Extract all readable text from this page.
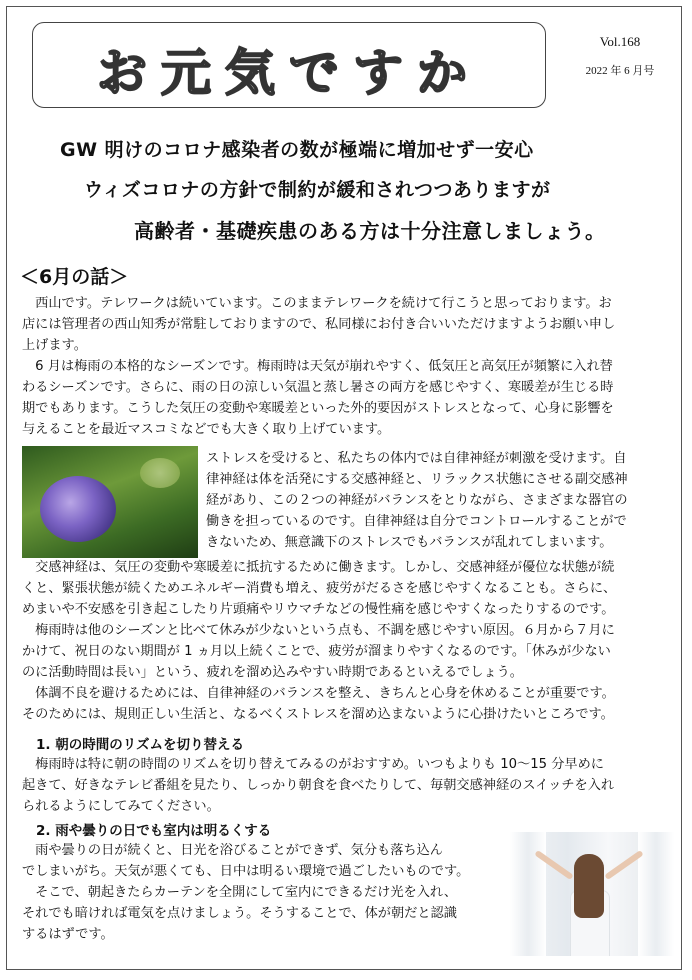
お元気ですか
Vol.168
2022 年 6 月号
GW 明けのコロナ感染者の数が極端に増加せず一安心
ウィズコロナの方針で制約が緩和されつつありますが
高齢者・基礎疾患のある方は十分注意しましょう。
＜6月の話＞
　西山です。テレワークは続いています。このままテレワークを続けて行こうと思っております。お
店には管理者の西山知秀が常駐しておりますので、私同様にお付き合いいただけますようお願い申し
上げます。
　6 月は梅雨の本格的なシーズンです。梅雨時は天気が崩れやすく、低気圧と高気圧が頻繁に入れ替
わるシーズンです。さらに、雨の日の涼しい気温と蒸し暑さの両方を感じやすく、寒暖差が生じる時
期でもあります。こうした気圧の変動や寒暖差といった外的要因がストレスとなって、心身に影響を
与えることを最近マスコミなどでも大きく取り上げています。
ストレスを受けると、私たちの体内では自律神経が刺激を受けます。自
律神経は体を活発にする交感神経と、リラックス状態にさせる副交感神
経があり、この２つの神経がバランスをとりながら、さまざまな器官の
働きを担っているのです。自律神経は自分でコントロールすることがで
きないため、無意識下のストレスでもバランスが乱れてしまいます。
　交感神経は、気圧の変動や寒暖差に抵抗するために働きます。しかし、交感神経が優位な状態が続
くと、緊張状態が続くためエネルギー消費も増え、疲労がだるさを感じやすくなることも。さらに、
めまいや不安感を引き起こしたり片頭痛やリウマチなどの慢性痛を感じやすくなったりするのです。
　梅雨時は他のシーズンと比べて休みが少ないという点も、不調を感じやすい原因。６月から７月に
かけて、祝日のない期間が 1 ヵ月以上続くことで、疲労が溜まりやすくなるのです。「休みが少ない
のに活動時間は長い」という、疲れを溜め込みやすい時期であるといえるでしょう。
　体調不良を避けるためには、自律神経のバランスを整え、きちんと心身を休めることが重要です。
そのためには、規則正しい生活と、なるべくストレスを溜め込まないように心掛けたいところです。
1. 朝の時間のリズムを切り替える
　梅雨時は特に朝の時間のリズムを切り替えてみるのがおすすめ。いつもよりも 10〜15 分早めに
起きて、好きなテレビ番組を見たり、しっかり朝食を食べたりして、毎朝交感神経のスイッチを入れ
られるようにしてみてください。
2. 雨や曇りの日でも室内は明るくする
　雨や曇りの日が続くと、日光を浴びることができず、気分も落ち込ん
でしまいがち。天気が悪くても、日中は明るい環境で過ごしたいものです。
　そこで、朝起きたらカーテンを全開にして室内にできるだけ光を入れ、
それでも暗ければ電気を点けましょう。そうすることで、体が朝だと認識
するはずです。
